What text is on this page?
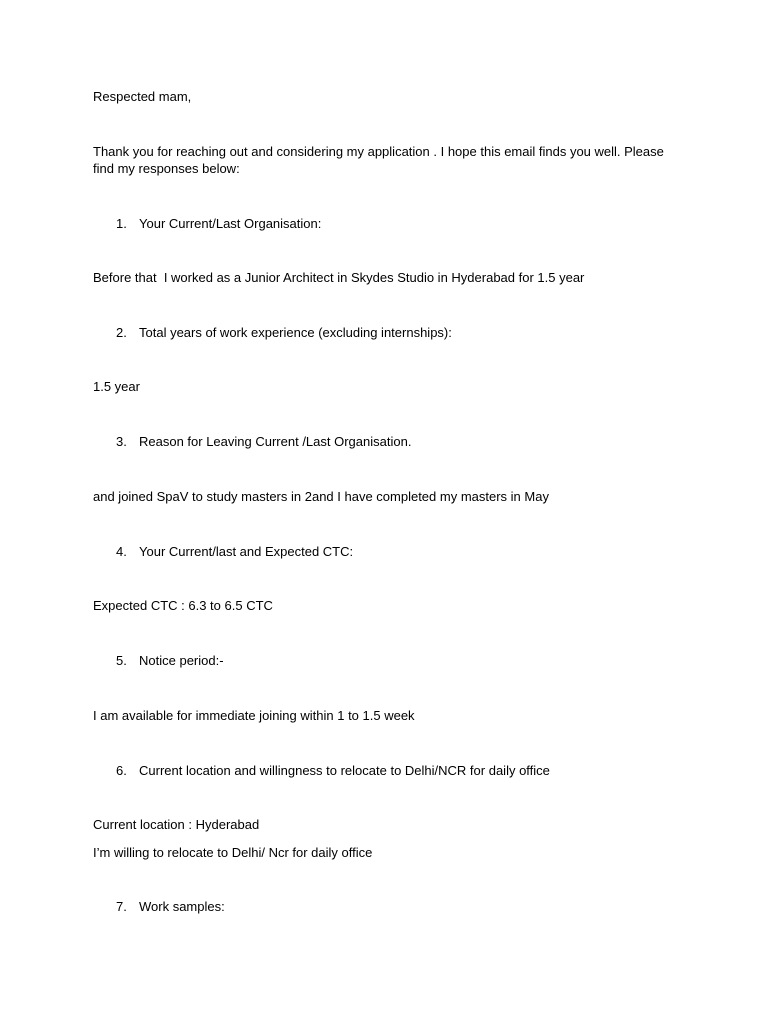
Respected mam,
Thank you for reaching out and considering my application . I hope this email finds you well. Please find my responses below:
1. Your Current/Last Organisation:
Before that  I worked as a Junior Architect in Skydes Studio in Hyderabad for 1.5 year
2. Total years of work experience (excluding internships):
1.5 year
3. Reason for Leaving Current /Last Organisation.
and joined SpaV to study masters in 2and I have completed my masters in May
4. Your Current/last and Expected CTC:
Expected CTC : 6.3 to 6.5 CTC
5. Notice period:-
I am available for immediate joining within 1 to 1.5 week
6. Current location and willingness to relocate to Delhi/NCR for daily office
Current location : Hyderabad
I’m willing to relocate to Delhi/ Ncr for daily office
7. Work samples:
